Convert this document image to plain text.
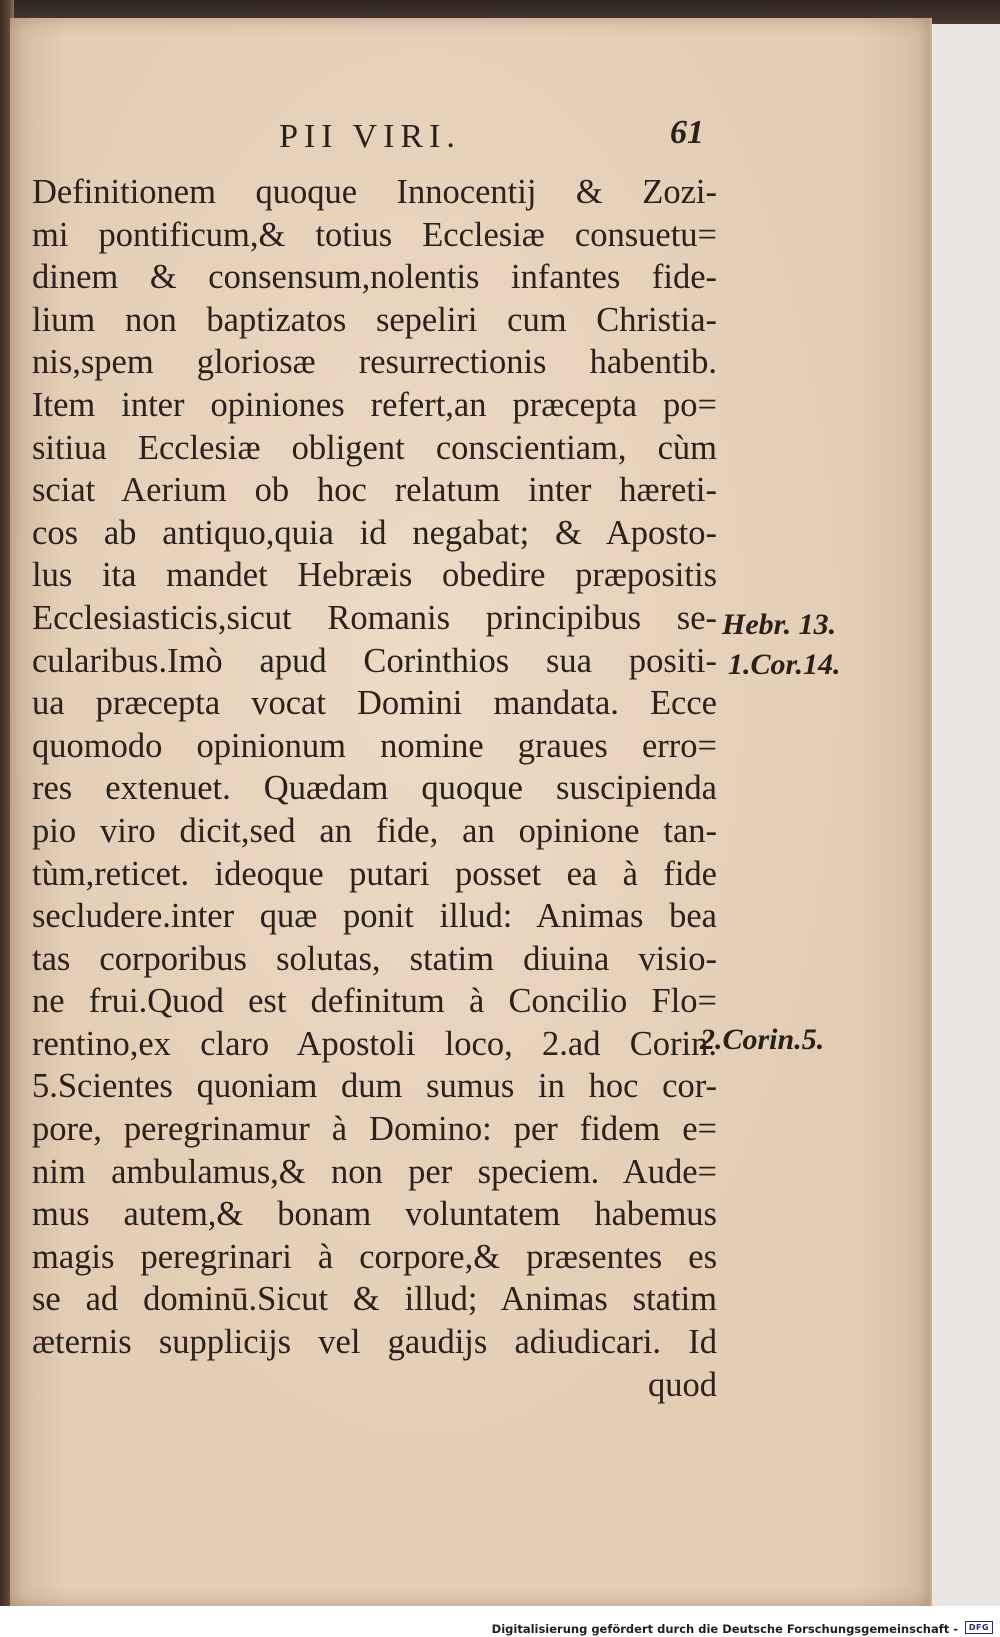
PII VIRI.	61
Definitionem quoque Innocentij & Zozi-
mi pontificum,& totius Ecclesiæ consuetu=
dinem & consensum,nolentis infantes fide-
lium non baptizatos sepeliri cum Christia-
nis,spem gloriosæ resurrectionis habentib.
Item inter opiniones refert,an præcepta po=
sitiua Ecclesiæ obligent conscientiam, cùm
sciat Aerium ob hoc relatum inter hæreti-
cos ab antiquo,quia id negabat; & Aposto-
lus ita mandet Hebræis obedire præpositis
Ecclesiasticis,sicut Romanis principibus se-
cularibus.Imò apud Corinthios sua positi-
ua præcepta vocat Domini mandata. Ecce
quomodo opinionum nomine graues erro=
res extenuet. Quædam quoque suscipienda
pio viro dicit,sed an fide, an opinione tan-
tùm,reticet. ideoque putari posset ea à fide
secludere.inter quæ ponit illud: Animas bea
tas corporibus solutas, statim diuina visio-
ne frui.Quod est definitum à Concilio Flo=
rentino,ex claro Apostoli loco, 2.ad Corin.
5.Scientes quoniam dum sumus in hoc cor-
pore, peregrinamur à Domino: per fidem e=
nim ambulamus,& non per speciem. Aude=
mus autem,& bonam voluntatem habemus
magis peregrinari à corpore,& præsentes es
se ad dominū.Sicut & illud; Animas statim
æternis supplicijs vel gaudijs adiudicari. Id
quod
Hebr. 13.
1.Cor.14.
2.Corin.5.
Digitalisierung gefördert durch die Deutsche Forschungsgemeinschaft - DFG
